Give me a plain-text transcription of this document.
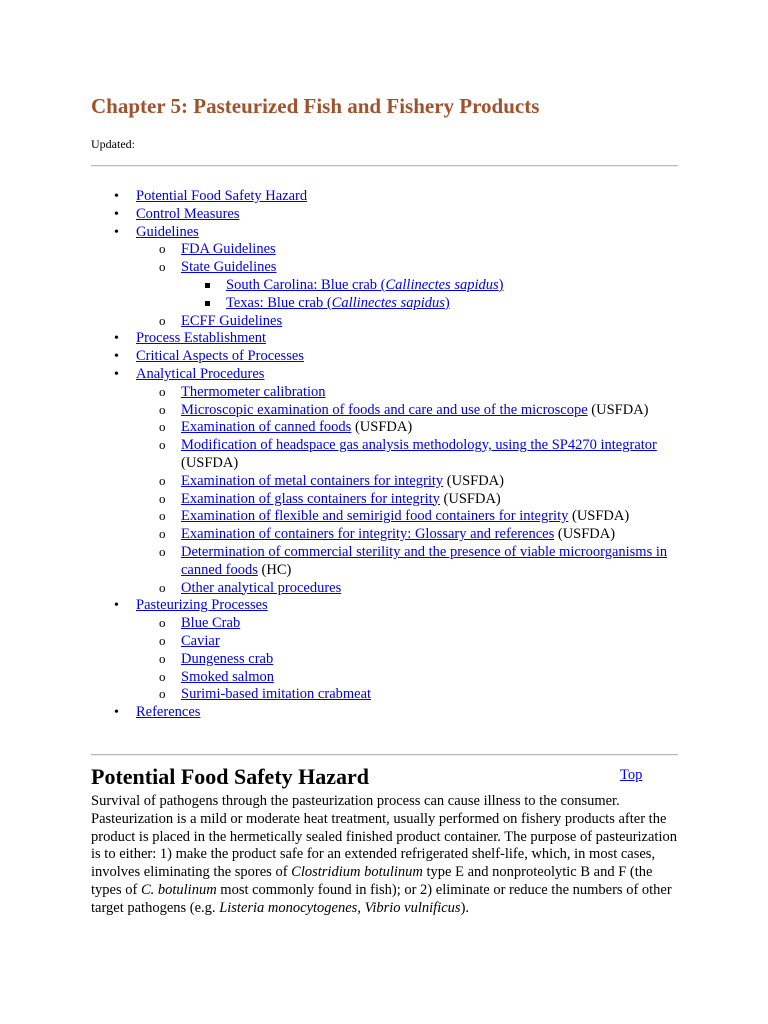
Chapter 5: Pasteurized Fish and Fishery Products
Updated:
• Potential Food Safety Hazard
• Control Measures
• Guidelines
o FDA Guidelines
o State Guidelines
South Carolina: Blue crab (Callinectes sapidus)
Texas: Blue crab (Callinectes sapidus)
o ECFF Guidelines
• Process Establishment
• Critical Aspects of Processes
• Analytical Procedures
o Thermometer calibration
o Microscopic examination of foods and care and use of the microscope (USFDA)
o Examination of canned foods (USFDA)
o Modification of headspace gas analysis methodology, using the SP4270 integrator
(USFDA)
o Examination of metal containers for integrity (USFDA)
o Examination of glass containers for integrity (USFDA)
o Examination of flexible and semirigid food containers for integrity (USFDA)
o Examination of containers for integrity: Glossary and references (USFDA)
o Determination of commercial sterility and the presence of viable microorganisms in canned foods (HC)
o Other analytical procedures
• Pasteurizing Processes
o Blue Crab
o Caviar
o Dungeness crab
o Smoked salmon
o Surimi-based imitation crabmeat
• References
Potential Food Safety Hazard	Top

Survival of pathogens through the pasteurization process can cause illness to the consumer. Pasteurization is a mild or moderate heat treatment, usually performed on fishery products after the product is placed in the hermetically sealed finished product container. The purpose of pasteurization is to either: 1) make the product safe for an extended refrigerated shelf-life, which, in most cases, involves eliminating the spores of Clostridium botulinum type E and nonproteolytic B and F (the types of C. botulinum most commonly found in fish); or 2) eliminate or reduce the numbers of other target pathogens (e.g. Listeria monocytogenes, Vibrio vulnificus).
